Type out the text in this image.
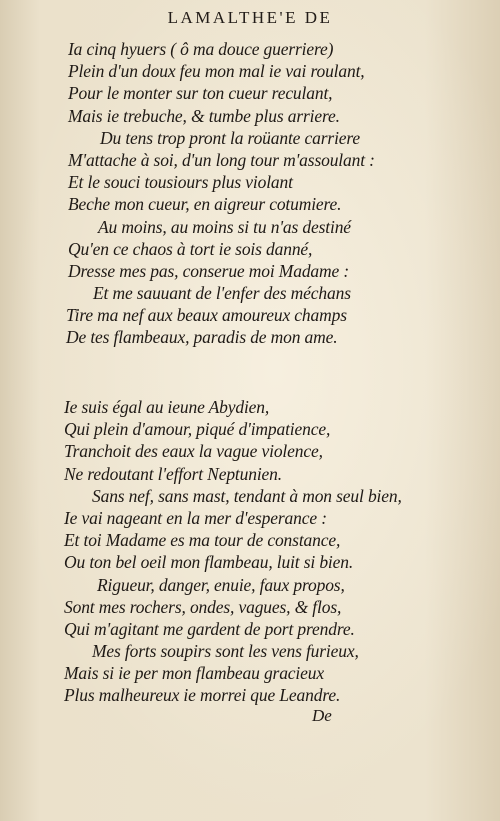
LAMALTHE'E DE
Ia cinq hyuers ( ô ma douce guerriere)
Plein d'un doux feu mon mal ie vai roulant,
Pour le monter sur ton cueur reculant,
Mais ie trebuche, & tumbe plus arriere.
Du tens trop pront la roüante carriere
M'attache à soi, d'un long tour m'assoulant :
Et le souci tousiours plus violant
Beche mon cueur, en aigreur cotumiere.
Au moins, au moins si tu n'as destiné
Qu'en ce chaos à tort ie sois danné,
Dresse mes pas, conserue moi Madame :
Et me sauuant de l'enfer des méchans
Tire ma nef aux beaux amoureux champs
De tes flambeaux, paradis de mon ame.
Ie suis égal au ieune Abydien,
Qui plein d'amour, piqué d'impatience,
Tranchoit des eaux la vague violence,
Ne redoutant l'effort Neptunien.
Sans nef, sans mast, tendant à mon seul bien,
Ie vai nageant en la mer d'esperance :
Et toi Madame es ma tour de constance,
Ou ton bel oeil mon flambeau, luit si bien.
Rigueur, danger, enuie, faux propos,
Sont mes rochers, ondes, vagues, & flos,
Qui m'agitant me gardent de port prendre.
Mes forts soupirs sont les vens furieux,
Mais si ie per mon flambeau gracieux
Plus malheureux ie morrei que Leandre.
De
